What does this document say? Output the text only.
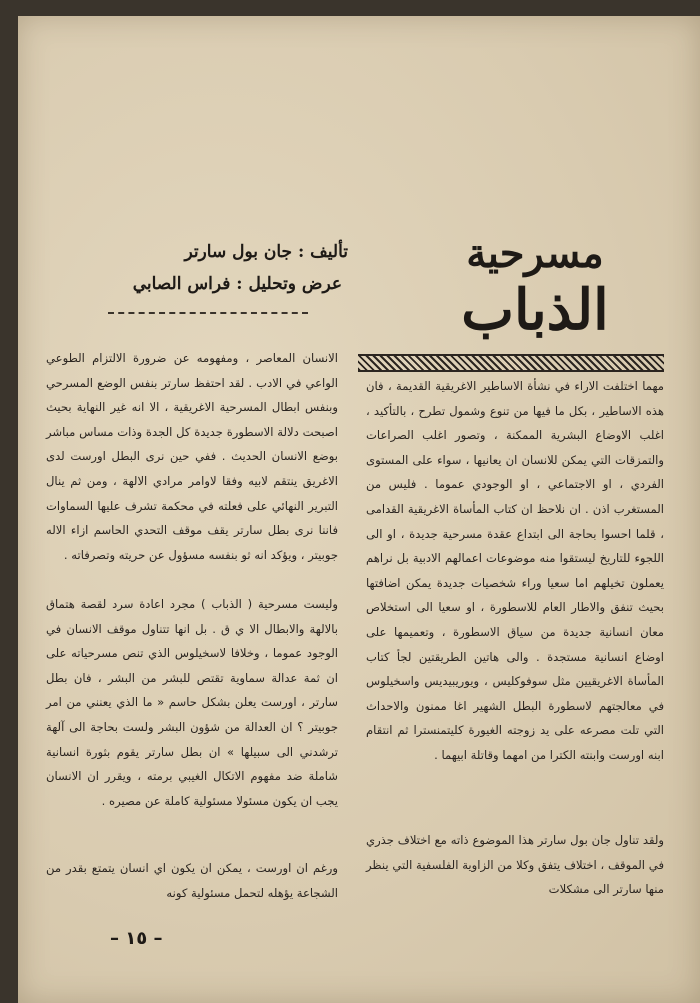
مسرحية
الذباب
تأليف : جان بول سارتر
عرض وتحليل : فراس الصابي

مهما اختلفت الاراء في نشأة الاساطير الاغريقية القديمة ، فان هذه الاساطير ، بكل ما فيها من تنوع وشمول تطرح ، بالتأكيد ، اغلب الاوضاع البشرية الممكنة ، وتصور اغلب الصراعات والتمزقات التي يمكن للانسان ان يعانيها ، سواء على المستوى الفردي ، او الاجتماعي ، او الوجودي عموما . فليس من المستغرب اذن . ان نلاحظ ان كتاب المأساة الاغريقية القدامى ، قلما احسوا بحاجة الى ابتداع عقدة مسرحية جديدة ، او الى اللجوء للتاريخ ليستقوا منه موضوعات اعمالهم الادبية بل نراهم يعملون تخيلهم اما سعيا وراء شخصيات جديدة يمكن اضافتها بحيث تنفق والاطار العام للاسطورة ، او سعيا الى استخلاص معان انسانية جديدة من سياق الاسطورة ، وتعميمها على اوضاع انسانية مستجدة . والى هاتين الطريقتين لجأ كتاب المأساة الاغريقيين مثل سوفوكليس ، ويوريبيديس واسخيلوس في معالجتهم لاسطورة البطل الشهير اغا ممنون والاحداث التي تلت مصرعه على يد زوجته الغيورة كليتمنسترا ثم انتقام ابنه اورست وابنته الكترا من امهما وقاتلة ابيهما .

ولقد تناول جان بول سارتر هذا الموضوع ذاته مع اختلاف جذري في الموقف ، اختلاف يتفق وكلا من الزاوية الفلسفية التي ينظر منها سارتر الى مشكلات

الانسان المعاصر ، ومفهومه عن ضرورة الالتزام الطوعي الواعي في الادب . لقد احتفظ سارتر بنفس الوضع المسرحي وبنفس ابطال المسرحية الاغريقية ، الا انه غير النهاية بحيث اصبحت دلالة الاسطورة جديدة كل الجدة وذات مساس مباشر بوضع الانسان الحديث . ففي حين نرى البطل اورست لدى الاغريق ينتقم لابيه وفقا لاوامر مرادي الالهة ، ومن ثم ينال التبرير النهائي على فعلته في محكمة تشرف عليها السماوات فاننا نرى بطل سارتر يقف موقف التحدي الحاسم ازاء الاله جوبيتر ، ويؤكد انه ثو بنفسه مسؤول عن حريته وتصرفاته .

وليست مسرحية ( الذباب ) مجرد اعادة سرد لقصة هتماق بالالهة والابطال الا ي ق . بل انها تتناول موقف الانسان في الوجود عموما ، وخلافا لاسخيلوس الذي تنص مسرحياته على ان ثمة عدالة سماوية تقتص للبشر من البشر ، فان بطل سارتر ، اورست يعلن بشكل حاسم « ما الذي يعنني من امر جوبيتر ؟ ان العدالة من شؤون البشر ولست بحاجة الى آلهة ترشدني الى سبيلها » ان بطل سارتر يقوم بثورة انسانية شاملة ضد مفهوم الاتكال الغيبي برمته ، ويقرر ان الانسان يجب ان يكون مسئولا مسئولية كاملة عن مصيره .

ورغم ان اورست ، يمكن ان يكون اي انسان يتمتع بقدر من الشجاعة يؤهله لتحمل مسئولية كونه

– ١٥ –
